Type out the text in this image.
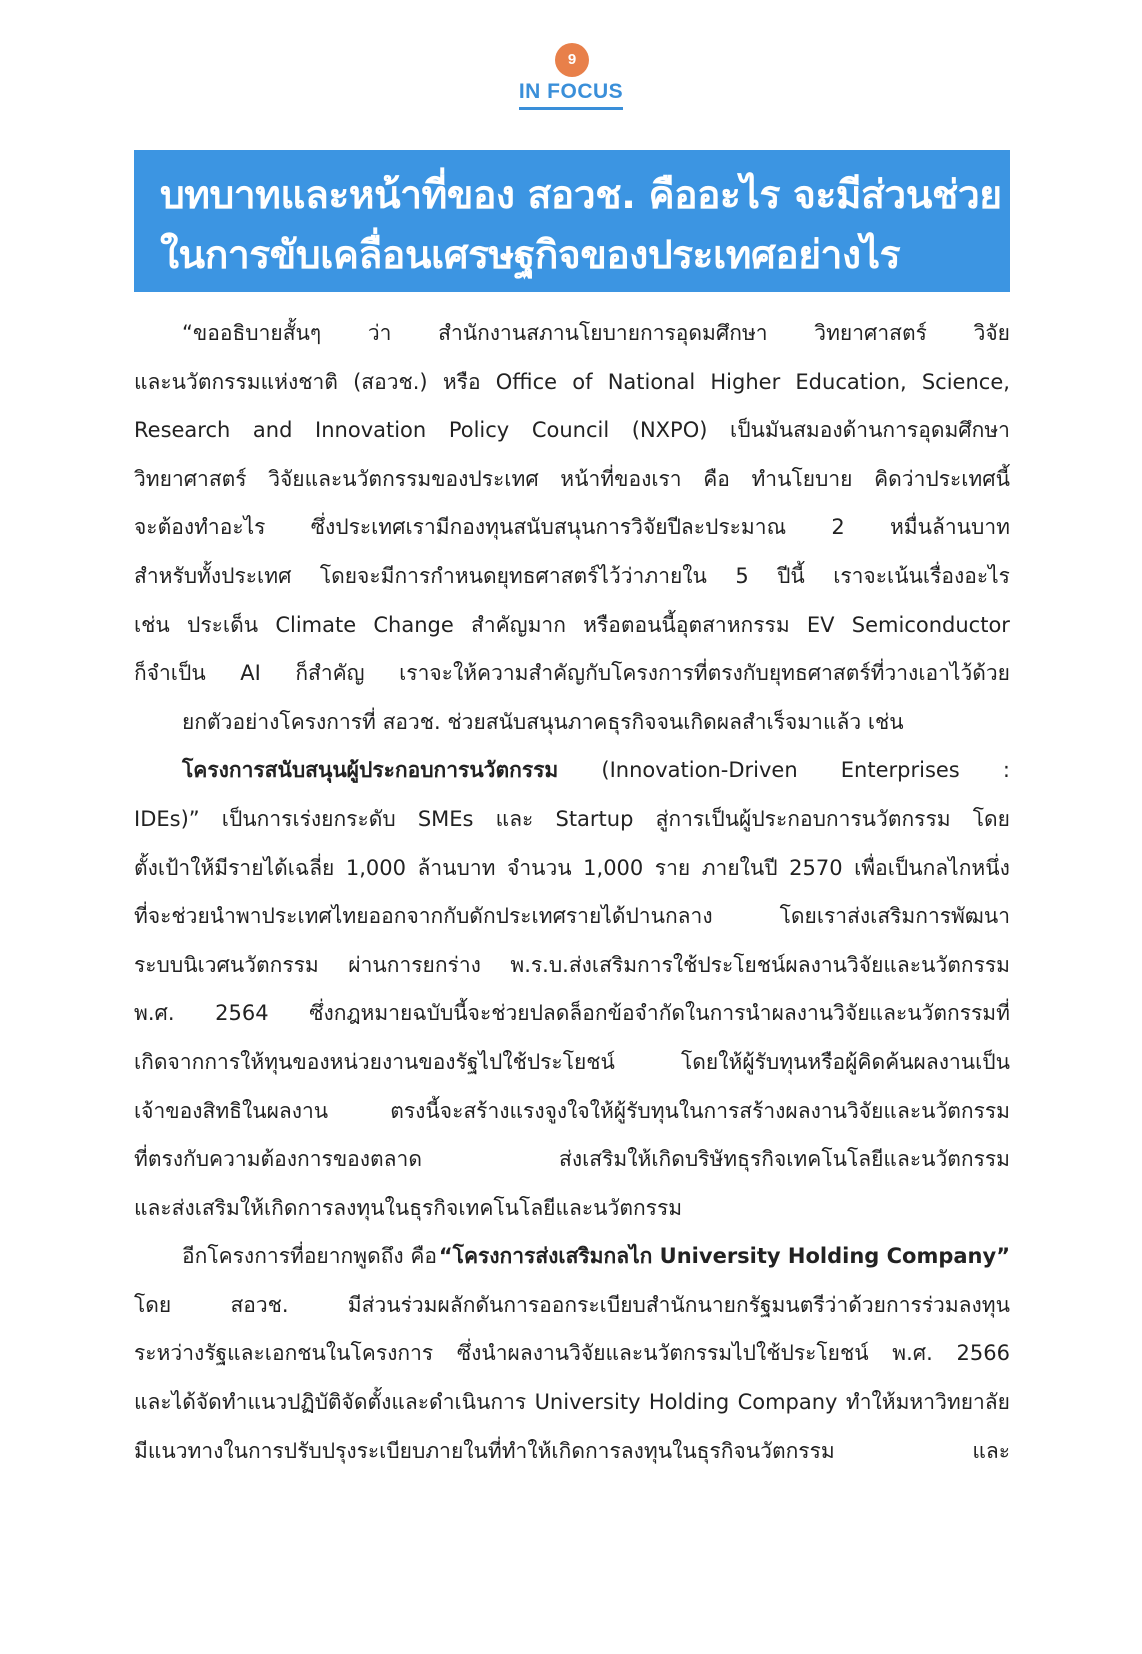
9
IN FOCUS
บทบาทและหน้าที่ของ สอวช. คืออะไร จะมีส่วนช่วย
ในการขับเคลื่อนเศรษฐกิจของประเทศอย่างไร
“ขออธิบายสั้นๆ ว่า สำนักงานสภานโยบายการอุดมศึกษา วิทยาศาสตร์ วิจัย
และนวัตกรรมแห่งชาติ (สอวช.) หรือ Office of National Higher Education, Science,
Research and Innovation Policy Council (NXPO) เป็นมันสมองด้านการอุดมศึกษา
วิทยาศาสตร์ วิจัยและนวัตกรรมของประเทศ หน้าที่ของเรา คือ ทำนโยบาย คิดว่าประเทศนี้
จะต้องทำอะไร ซึ่งประเทศเรามีกองทุนสนับสนุนการวิจัยปีละประมาณ 2 หมื่นล้านบาท
สำหรับทั้งประเทศ โดยจะมีการกำหนดยุทธศาสตร์ไว้ว่าภายใน 5 ปีนี้ เราจะเน้นเรื่องอะไร
เช่น ประเด็น Climate Change สำคัญมาก หรือตอนนี้อุตสาหกรรม EV Semiconductor
ก็จำเป็น AI ก็สำคัญ เราจะให้ความสำคัญกับโครงการที่ตรงกับยุทธศาสตร์ที่วางเอาไว้ด้วย
ยกตัวอย่างโครงการที่ สอวช. ช่วยสนับสนุนภาคธุรกิจจนเกิดผลสำเร็จมาแล้ว เช่น
โครงการสนับสนุนผู้ประกอบการนวัตกรรม (Innovation-Driven Enterprises :
IDEs)” เป็นการเร่งยกระดับ SMEs และ Startup สู่การเป็นผู้ประกอบการนวัตกรรม โดย
ตั้งเป้าให้มีรายได้เฉลี่ย 1,000 ล้านบาท จำนวน 1,000 ราย ภายในปี 2570 เพื่อเป็นกลไกหนึ่ง
ที่จะช่วยนำพาประเทศไทยออกจากกับดักประเทศรายได้ปานกลาง	โดยเราส่งเสริมการพัฒนา
ระบบนิเวศนวัตกรรม ผ่านการยกร่าง พ.ร.บ.ส่งเสริมการใช้ประโยชน์ผลงานวิจัยและนวัตกรรม
พ.ศ. 2564 ซึ่งกฎหมายฉบับนี้จะช่วยปลดล็อกข้อจำกัดในการนำผลงานวิจัยและนวัตกรรมที่
เกิดจากการให้ทุนของหน่วยงานของรัฐไปใช้ประโยชน์	โดยให้ผู้รับทุนหรือผู้คิดค้นผลงานเป็น
เจ้าของสิทธิในผลงาน	ตรงนี้จะสร้างแรงจูงใจให้ผู้รับทุนในการสร้างผลงานวิจัยและนวัตกรรม
ที่ตรงกับความต้องการของตลาด	ส่งเสริมให้เกิดบริษัทธุรกิจเทคโนโลยีและนวัตกรรม
และส่งเสริมให้เกิดการลงทุนในธุรกิจเทคโนโลยีและนวัตกรรม
อีกโครงการที่อยากพูดถึง คือ “โครงการส่งเสริมกลไก University Holding Company”
โดย	สอวช.	มีส่วนร่วมผลักดันการออกระเบียบสำนักนายกรัฐมนตรีว่าด้วยการร่วมลงทุน
ระหว่างรัฐและเอกชนในโครงการ ซึ่งนำผลงานวิจัยและนวัตกรรมไปใช้ประโยชน์ พ.ศ. 2566
และได้จัดทำแนวปฏิบัติจัดตั้งและดำเนินการ University Holding Company ทำให้มหาวิทยาลัย
มีแนวทางในการปรับปรุงระเบียบภายในที่ทำให้เกิดการลงทุนในธุรกิจนวัตกรรม	และ
